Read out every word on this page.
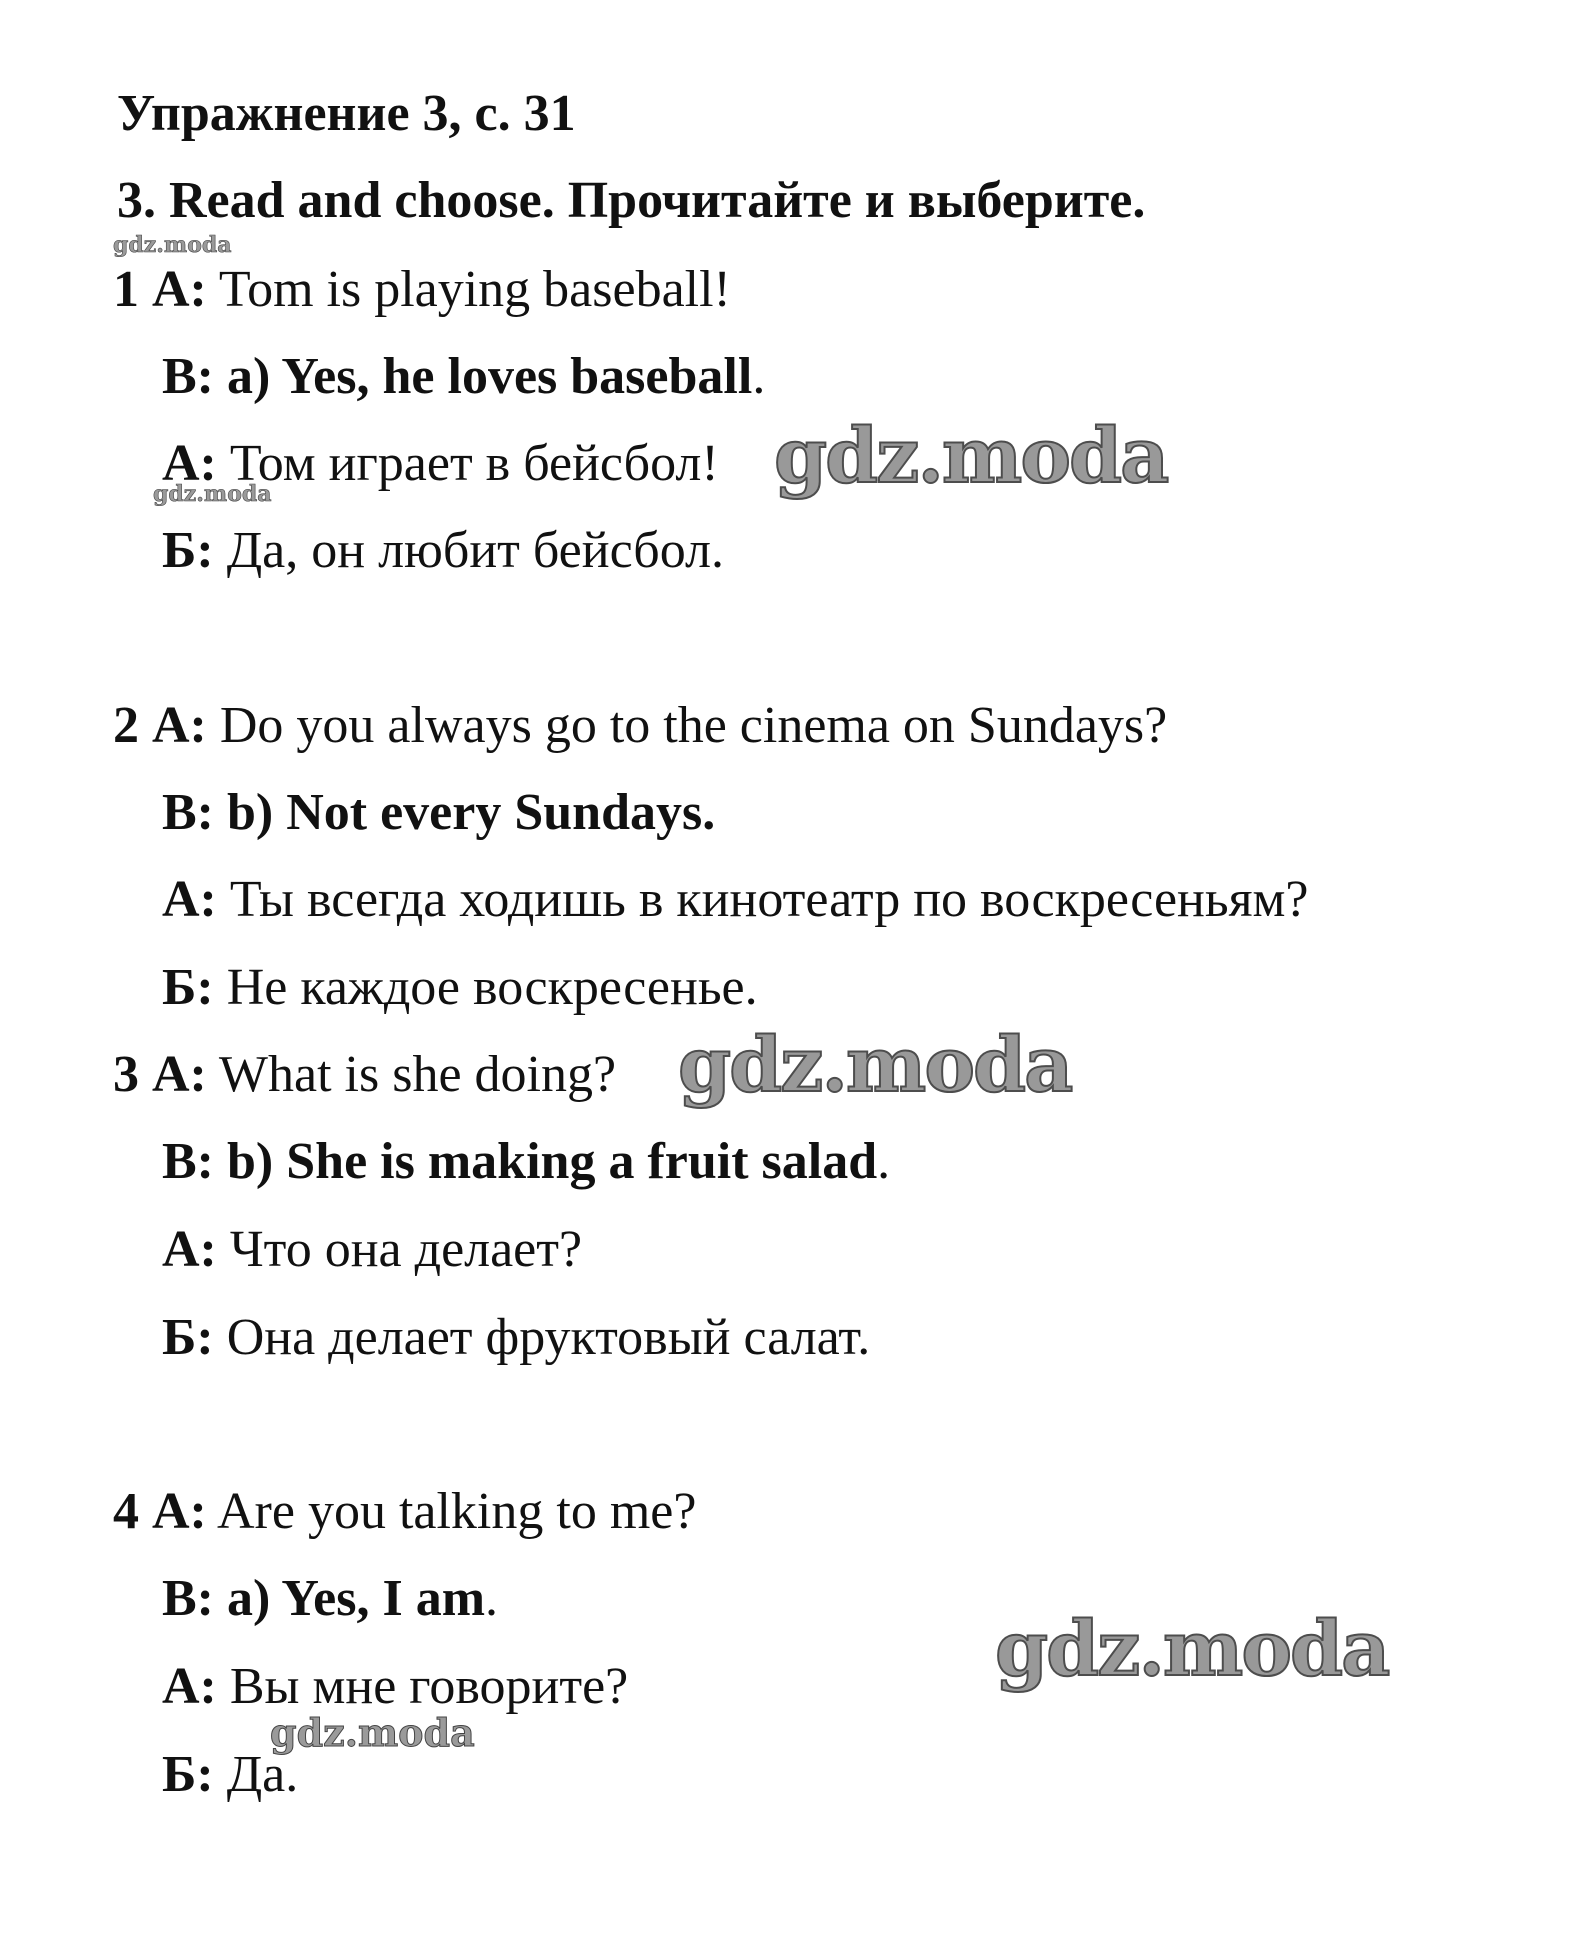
Упражнение 3, с. 31
3. Read and choose. Прочитайте и выберите.
1 A: Tom is playing baseball!
B: a) Yes, he loves baseball.
А: Том играет в бейсбол!
Б: Да, он любит бейсбол.
2 A: Do you always go to the cinema on Sundays?
B: b) Not every Sundays.
А: Ты всегда ходишь в кинотеатр по воскресеньям?
Б: Не каждое воскресенье.
3 A: What is she doing?
B: b) She is making a fruit salad.
А: Что она делает?
Б: Она делает фруктовый салат.
4 A: Are you talking to me?
B: a) Yes, I am.
А: Вы мне говорите?
Б: Да.
gdz.moda
gdz.moda	gdz.moda
gdz.moda
gdz.moda
gdz.moda
